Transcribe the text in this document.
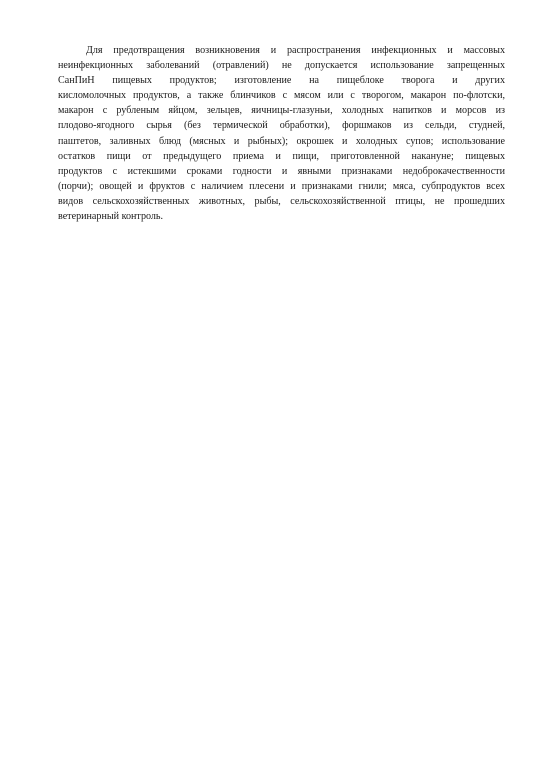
Для предотвращения возникновения и распространения инфекционных и массовых
неинфекционных заболеваний (отравлений) не допускается использование запрещенных
СанПиН пищевых продуктов; изготовление на пищеблоке творога и других
кисломолочных продуктов, а также блинчиков с мясом или с творогом, макарон по-флотски,
макарон с рубленым яйцом, зельцев, яичницы-глазуньи, холодных напитков и морсов из
плодово-ягодного сырья (без термической обработки), форшмаков из сельди, студней,
паштетов, заливных блюд (мясных и рыбных); окрошек и холодных супов; использование
остатков пищи от предыдущего приема и пищи, приготовленной накануне; пищевых
продуктов с истекшими сроками годности и явными признаками недоброкачественности
(порчи); овощей и фруктов с наличием плесени и признаками гнили; мяса, субпродуктов всех
видов сельскохозяйственных животных, рыбы, сельскохозяйственной птицы, не прошедших
ветеринарный контроль.
